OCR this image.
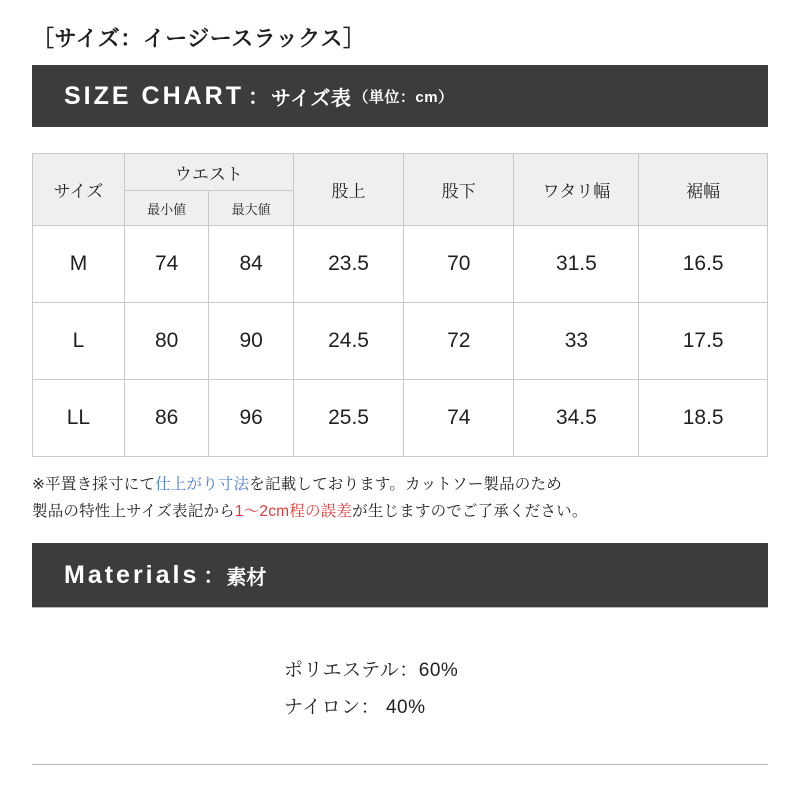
［サイズ：イージースラックス］
SIZE CHART ： サイズ表 （単位：cm）
サイズ	ウエスト		股上	股下	ワタリ幅	裾幅
	最小値	最大値				
M	74	84	23.5	70	31.5	16.5
L	80	90	24.5	72	33	17.5
LL	86	96	25.5	74	34.5	18.5
※平置き採寸にて仕上がり寸法を記載しております。カットソー製品のため
製品の特性上サイズ表記から1〜2cm程の誤差が生じますのでご了承ください。
Materials ： 素材
ポリエステル：60%
ナイロン： 40%
